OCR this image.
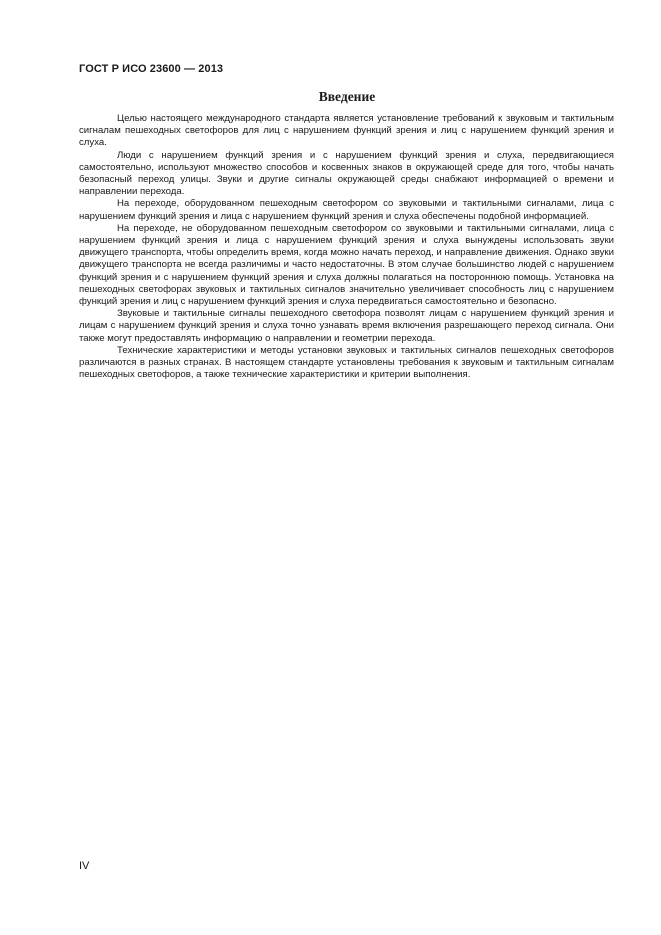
ГОСТ Р ИСО 23600 — 2013
Введение

Целью настоящего международного стандарта является установление требований к звуковым и тактильным сигналам пешеходных светофоров для лиц с нарушением функций зрения и лиц с нарушением функций зрения и слуха.

Люди с нарушением функций зрения и с нарушением функций зрения и слуха, передвигающиеся самостоятельно, используют множество способов и косвенных знаков в окружающей среде для того, чтобы начать безопасный переход улицы. Звуки и другие сигналы окружающей среды снабжают информацией о времени и направлении перехода.

На переходе, оборудованном пешеходным светофором со звуковыми и тактильными сигналами, лица с нарушением функций зрения и лица с нарушением функций зрения и слуха обеспечены подобной информацией.

На переходе, не оборудованном пешеходным светофором со звуковыми и тактильными сигналами, лица с нарушением функций зрения и лица с нарушением функций зрения и слуха вынуждены использовать звуки движущего транспорта, чтобы определить время, когда можно начать переход, и направление движения. Однако звуки движущего транспорта не всегда различимы и часто недостаточны. В этом случае большинство людей с нарушением функций зрения и с нарушением функций зрения и слуха должны полагаться на постороннюю помощь. Установка на пешеходных светофорах звуковых и тактильных сигналов значительно увеличивает способность лиц с нарушением функций зрения и лиц с нарушением функций зрения и слуха передвигаться самостоятельно и безопасно.

Звуковые и тактильные сигналы пешеходного светофора позволят лицам с нарушением функций зрения и лицам с нарушением функций зрения и слуха точно узнавать время включения разрешающего переход сигнала. Они также могут предоставлять информацию о направлении и геометрии перехода.

Технические характеристики и методы установки звуковых и тактильных сигналов пешеходных светофоров различаются в разных странах. В настоящем стандарте установлены требования к звуковым и тактильным сигналам пешеходных светофоров, а также технические характеристики и критерии выполнения.

IV
